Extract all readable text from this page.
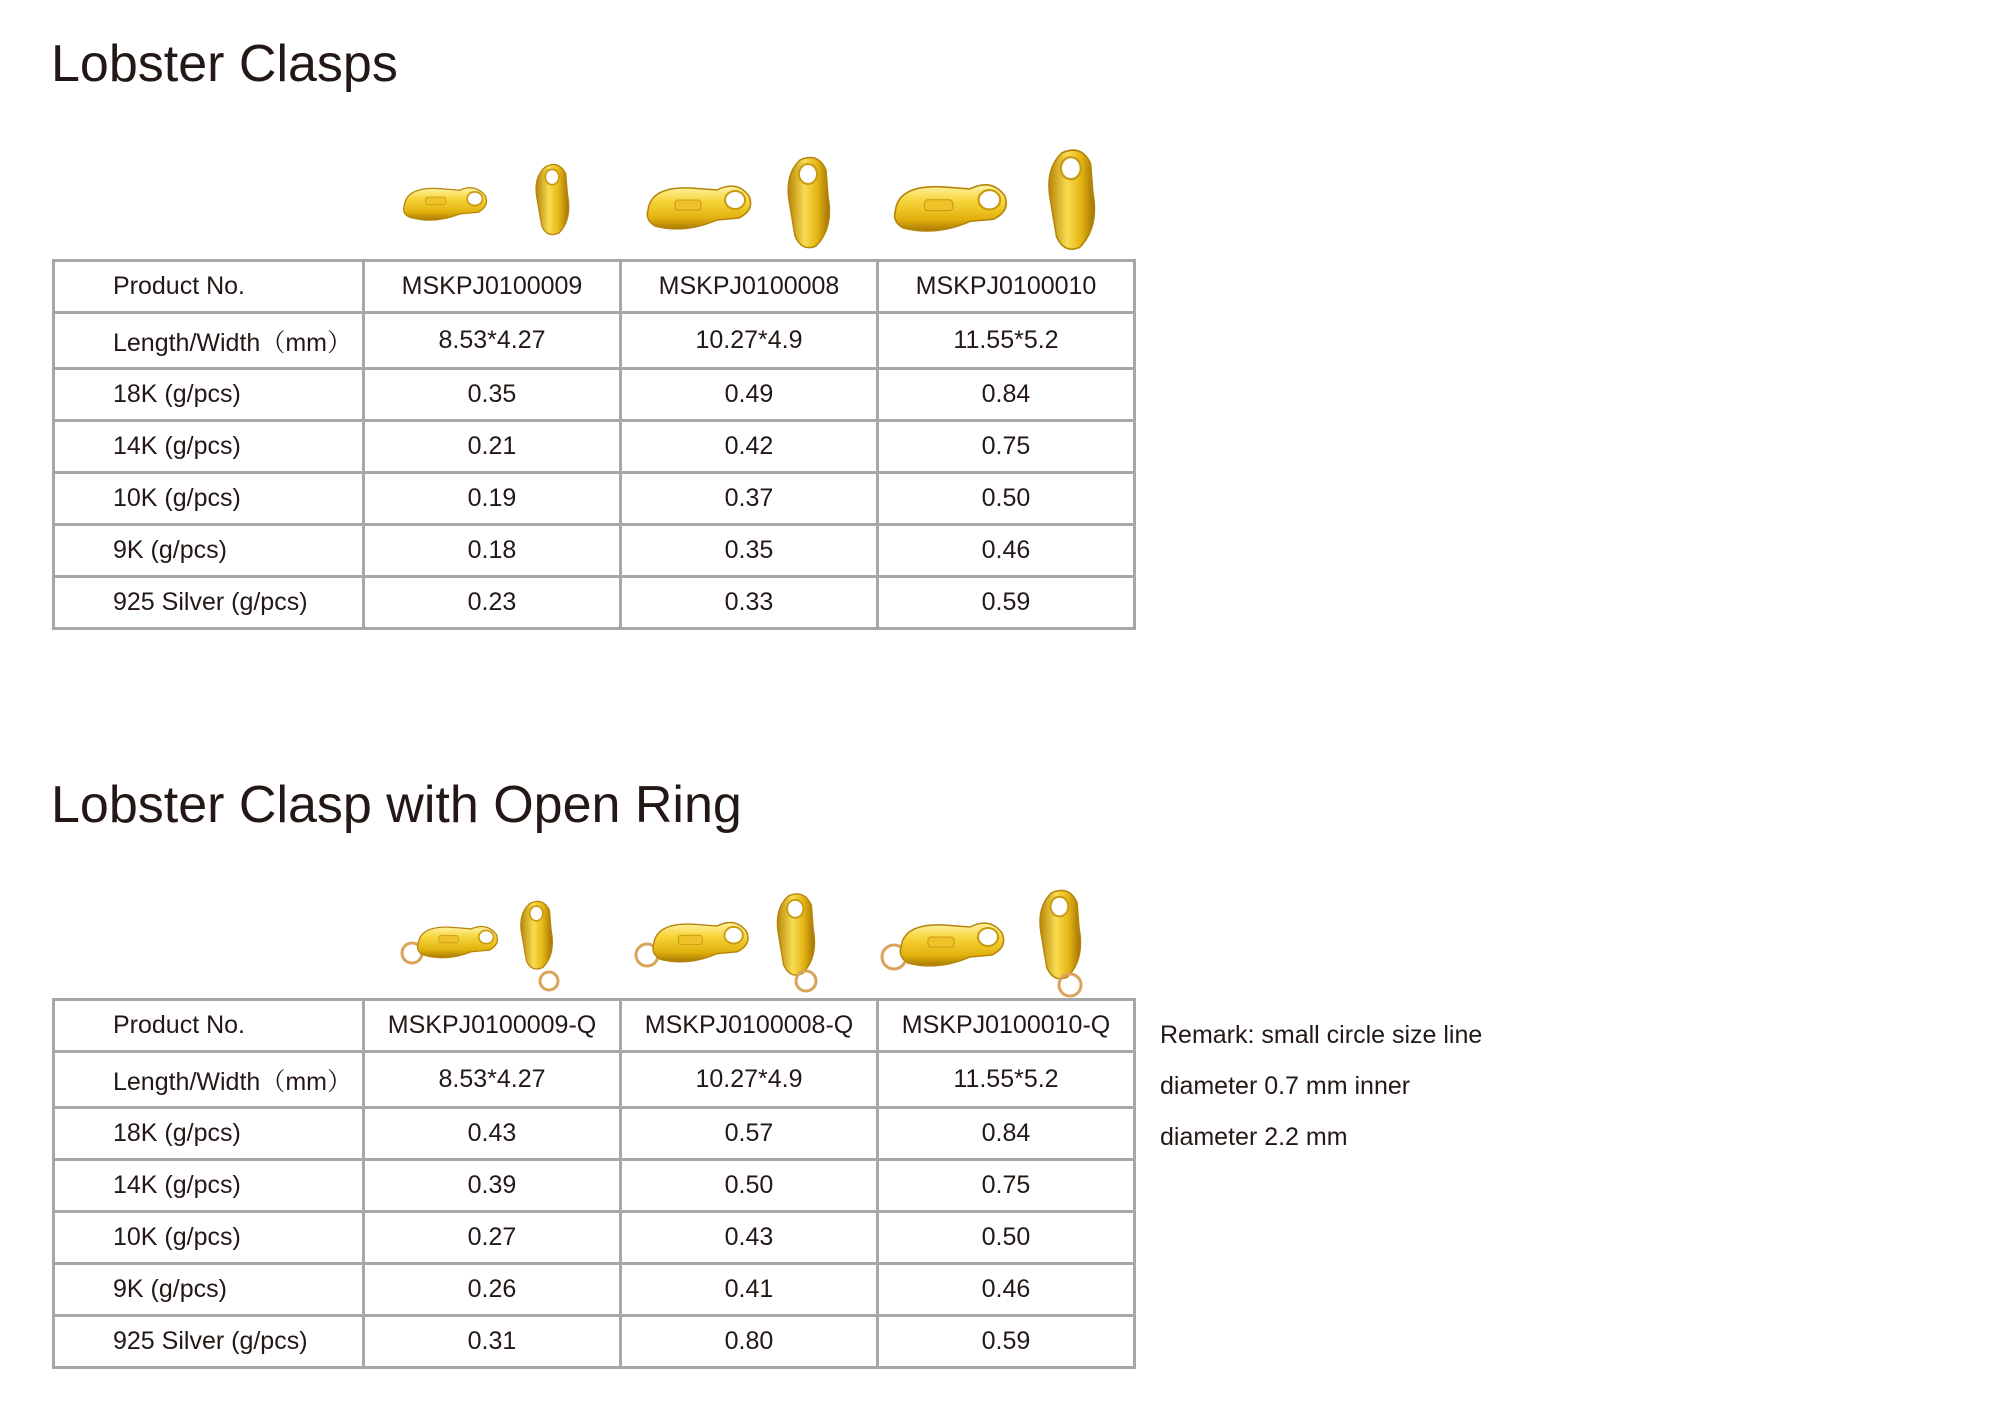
Lobster Clasps
Product No.	MSKPJ0100009	MSKPJ0100008	MSKPJ0100010
Length/Width（mm）	8.53*4.27	10.27*4.9	11.55*5.2
18K (g/pcs)	0.35	0.49	0.84
14K (g/pcs)	0.21	0.42	0.75
10K (g/pcs)	0.19	0.37	0.50
9K (g/pcs)	0.18	0.35	0.46
925 Silver (g/pcs)	0.23	0.33	0.59
Lobster Clasp with Open Ring
Product No.	MSKPJ0100009-Q	MSKPJ0100008-Q	MSKPJ0100010-Q
Length/Width（mm）	8.53*4.27	10.27*4.9	11.55*5.2
18K (g/pcs)	0.43	0.57	0.84
14K (g/pcs)	0.39	0.50	0.75
10K (g/pcs)	0.27	0.43	0.50
9K (g/pcs)	0.26	0.41	0.46
925 Silver (g/pcs)	0.31	0.80	0.59
Remark: small circle size line
diameter 0.7 mm inner
diameter 2.2 mm
